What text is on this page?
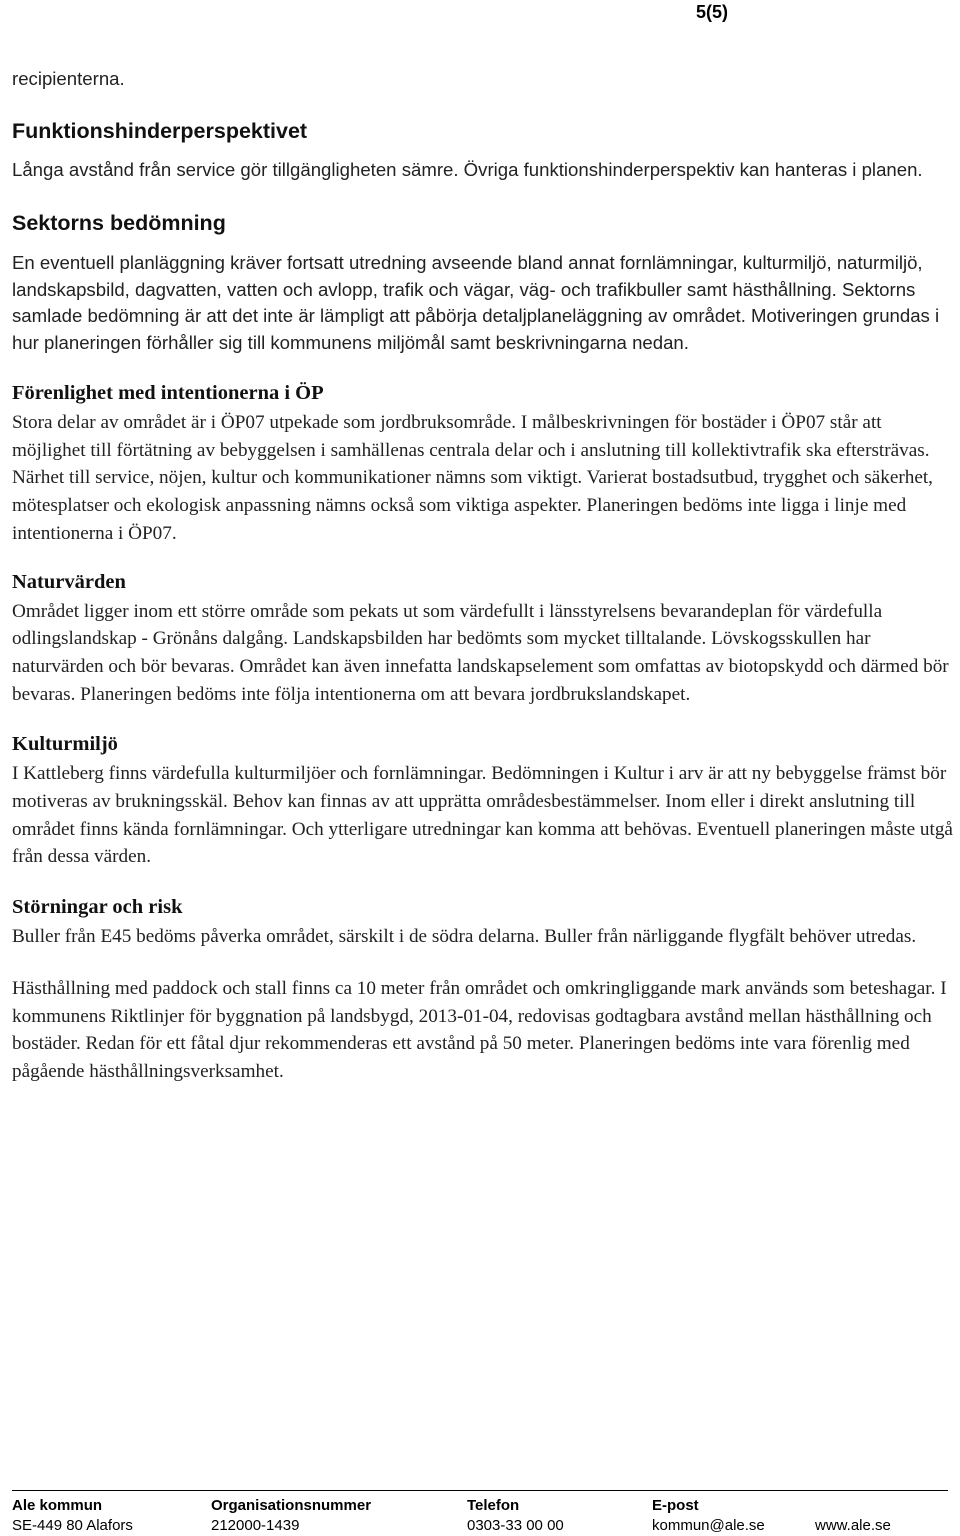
5(5)

recipienterna.

Funktionshinderperspektivet

Långa avstånd från service gör tillgängligheten sämre. Övriga funktionshinderperspektiv kan hanteras i planen.

Sektorns bedömning

En eventuell planläggning kräver fortsatt utredning avseende bland annat fornlämningar, kulturmiljö, naturmiljö, landskapsbild, dagvatten, vatten och avlopp, trafik och vägar, väg- och trafikbuller samt hästhållning. Sektorns samlade bedömning är att det inte är lämpligt att påbörja detaljplaneläggning av området. Motiveringen grundas i hur planeringen förhåller sig till kommunens miljömål samt beskrivningarna nedan.

Förenlighet med intentionerna i ÖP

Stora delar av området är i ÖP07 utpekade som jordbruksområde. I målbeskrivningen för bostäder i ÖP07 står att möjlighet till förtätning av bebyggelsen i samhällenas centrala delar och i anslutning till kollektivtrafik ska eftersträvas. Närhet till service, nöjen, kultur och kommunikationer nämns som viktigt. Varierat bostadsutbud, trygghet och säkerhet, mötesplatser och ekologisk anpassning nämns också som viktiga aspekter. Planeringen bedöms inte ligga i linje med intentionerna i ÖP07.

Naturvärden

Området ligger inom ett större område som pekats ut som värdefullt i länsstyrelsens bevarandeplan för värdefulla odlingslandskap - Grönåns dalgång. Landskapsbilden har bedömts som mycket tilltalande. Lövskogsskullen har naturvärden och bör bevaras. Området kan även innefatta landskapselement som omfattas av biotopskydd och därmed bör bevaras. Planeringen bedöms inte följa intentionerna om att bevara jordbrukslandskapet.

Kulturmiljö

I Kattleberg finns värdefulla kulturmiljöer och fornlämningar. Bedömningen i Kultur i arv är att ny bebyggelse främst bör motiveras av brukningsskäl. Behov kan finnas av att upprätta områdesbestämmelser. Inom eller i direkt anslutning till området finns kända fornlämningar. Och ytterligare utredningar kan komma att behövas. Eventuell planeringen måste utgå från dessa värden.

Störningar och risk

Buller från E45 bedöms påverka området, särskilt i de södra delarna. Buller från närliggande flygfält behöver utredas.

Hästhållning med paddock och stall finns ca 10 meter från området och omkringliggande mark används som beteshagar. I kommunens Riktlinjer för byggnation på landsbygd, 2013-01-04, redovisas godtagbara avstånd mellan hästhållning och bostäder. Redan för ett fåtal djur rekommenderas ett avstånd på 50 meter. Planeringen bedöms inte vara förenlig med pågående hästhållningsverksamhet.

Ale kommun
SE-449 80 Alafors
Organisationsnummer
212000-1439
Telefon
0303-33 00 00
E-post
kommun@ale.se	www.ale.se
